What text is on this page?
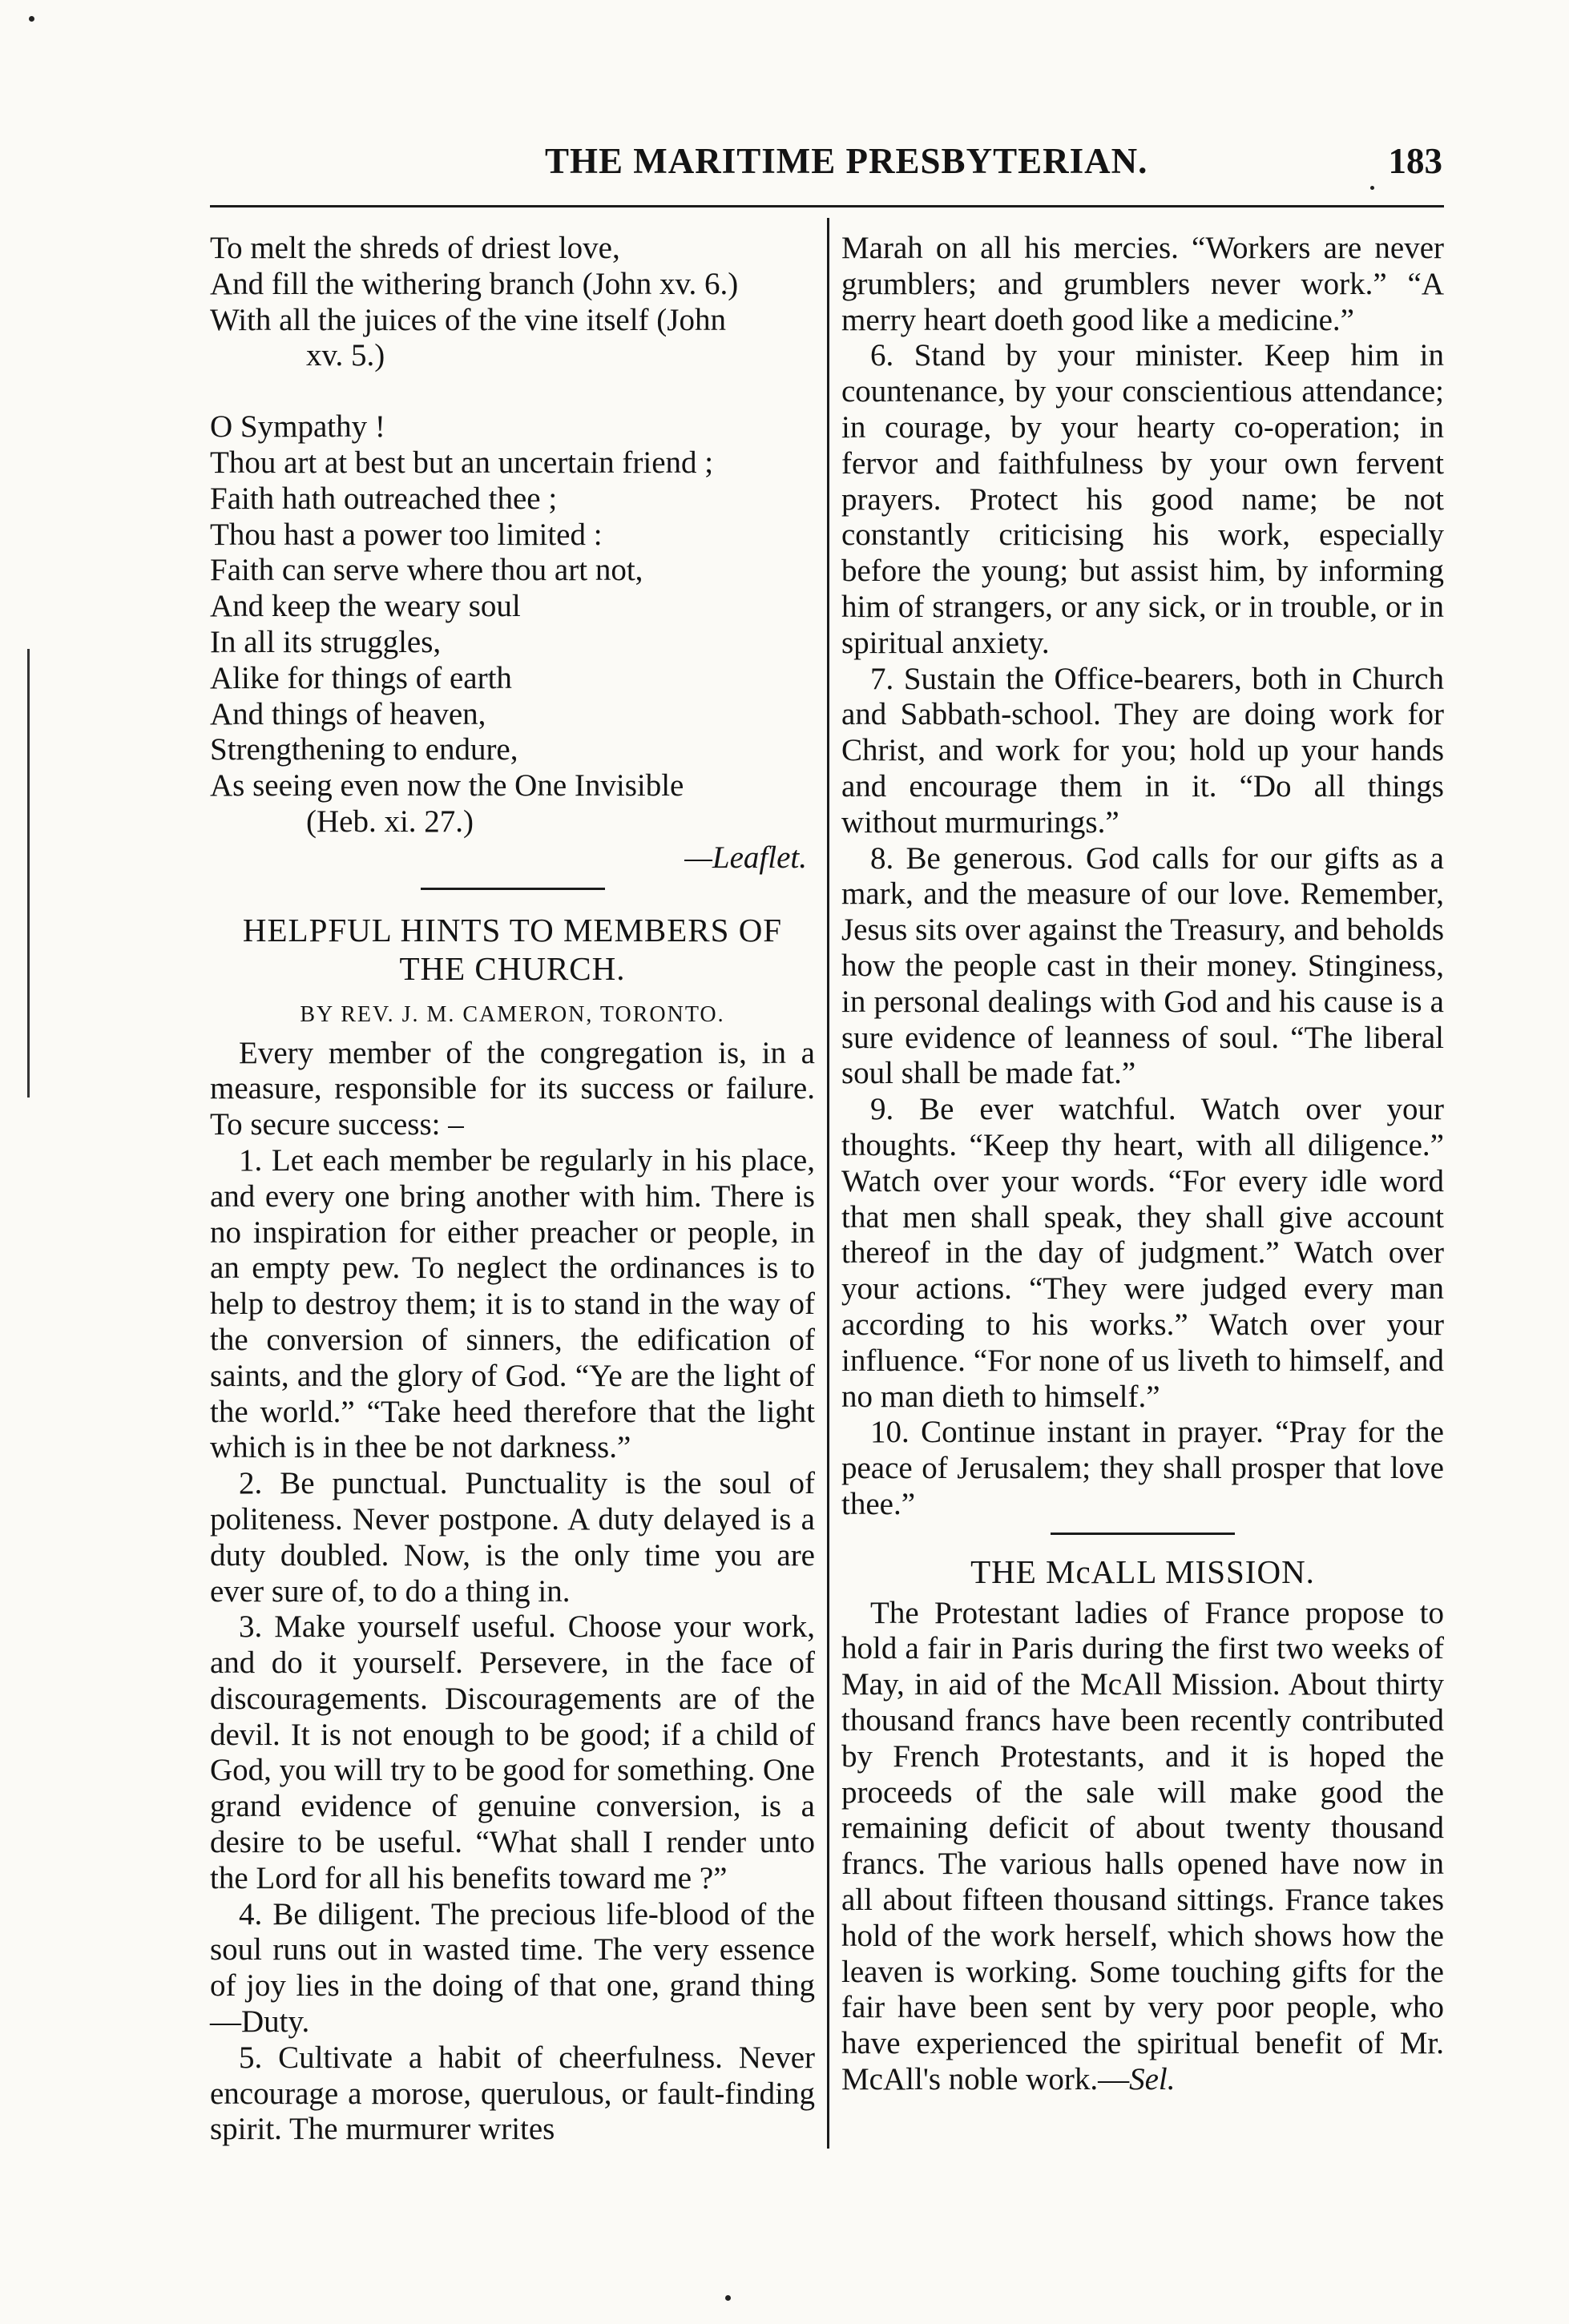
THE MARITIME PRESBYTERIAN.	183
To melt the shreds of driest love,
And fill the withering branch (John xv. 6.)
With all the juices of the vine itself (John
xv. 5.)
O Sympathy !
Thou art at best but an uncertain friend ;
Faith hath outreached thee ;
Thou hast a power too limited :
Faith can serve where thou art not,
And keep the weary soul
In all its struggles,
Alike for things of earth
And things of heaven,
Strengthening to endure,
As seeing even now the One Invisible
(Heb. xi. 27.)
—Leaflet.
HELPFUL HINTS TO MEMBERS OF THE CHURCH.
BY REV. J. M. CAMERON, TORONTO.

Every member of the congregation is, in a measure, responsible for its success or failure. To secure success: –

1. Let each member be regularly in his place, and every one bring another with him. There is no inspiration for either preacher or people, in an empty pew. To neglect the ordinances is to help to destroy them; it is to stand in the way of the conversion of sinners, the edification of saints, and the glory of God. “Ye are the light of the world.” “Take heed therefore that the light which is in thee be not darkness.”

2. Be punctual. Punctuality is the soul of politeness. Never postpone. A duty delayed is a duty doubled. Now, is the only time you are ever sure of, to do a thing in.

3. Make yourself useful. Choose your work, and do it yourself. Persevere, in the face of discouragements. Discouragements are of the devil. It is not enough to be good; if a child of God, you will try to be good for something. One grand evidence of genuine conversion, is a desire to be useful. “What shall I render unto the Lord for all his benefits toward me ?”

4. Be diligent. The precious life-blood of the soul runs out in wasted time. The very essence of joy lies in the doing of that one, grand thing—Duty.

5. Cultivate a habit of cheerfulness. Never encourage a morose, querulous, or fault-finding spirit. The murmurer writes

Marah on all his mercies. “Workers are never grumblers; and grumblers never work.” “A merry heart doeth good like a medicine.”

6. Stand by your minister. Keep him in countenance, by your conscientious attendance; in courage, by your hearty co-operation; in fervor and faithfulness by your own fervent prayers. Protect his good name; be not constantly criticising his work, especially before the young; but assist him, by informing him of strangers, or any sick, or in trouble, or in spiritual anxiety.

7. Sustain the Office-bearers, both in Church and Sabbath-school. They are doing work for Christ, and work for you; hold up your hands and encourage them in it. “Do all things without murmurings.”

8. Be generous. God calls for our gifts as a mark, and the measure of our love. Remember, Jesus sits over against the Treasury, and beholds how the people cast in their money. Stinginess, in personal dealings with God and his cause is a sure evidence of leanness of soul. “The liberal soul shall be made fat.”

9. Be ever watchful. Watch over your thoughts. “Keep thy heart, with all diligence.” Watch over your words. “For every idle word that men shall speak, they shall give account thereof in the day of judgment.” Watch over your actions. “They were judged every man according to his works.” Watch over your influence. “For none of us liveth to himself, and no man dieth to himself.”

10. Continue instant in prayer. “Pray for the peace of Jerusalem; they shall prosper that love thee.”

THE McALL MISSION.

The Protestant ladies of France propose to hold a fair in Paris during the first two weeks of May, in aid of the McAll Mission. About thirty thousand francs have been recently contributed by French Protestants, and it is hoped the proceeds of the sale will make good the remaining deficit of about twenty thousand francs. The various halls opened have now in all about fifteen thousand sittings. France takes hold of the work herself, which shows how the leaven is working. Some touching gifts for the fair have been sent by very poor people, who have experienced the spiritual benefit of Mr. McAll's noble work.—Sel.
